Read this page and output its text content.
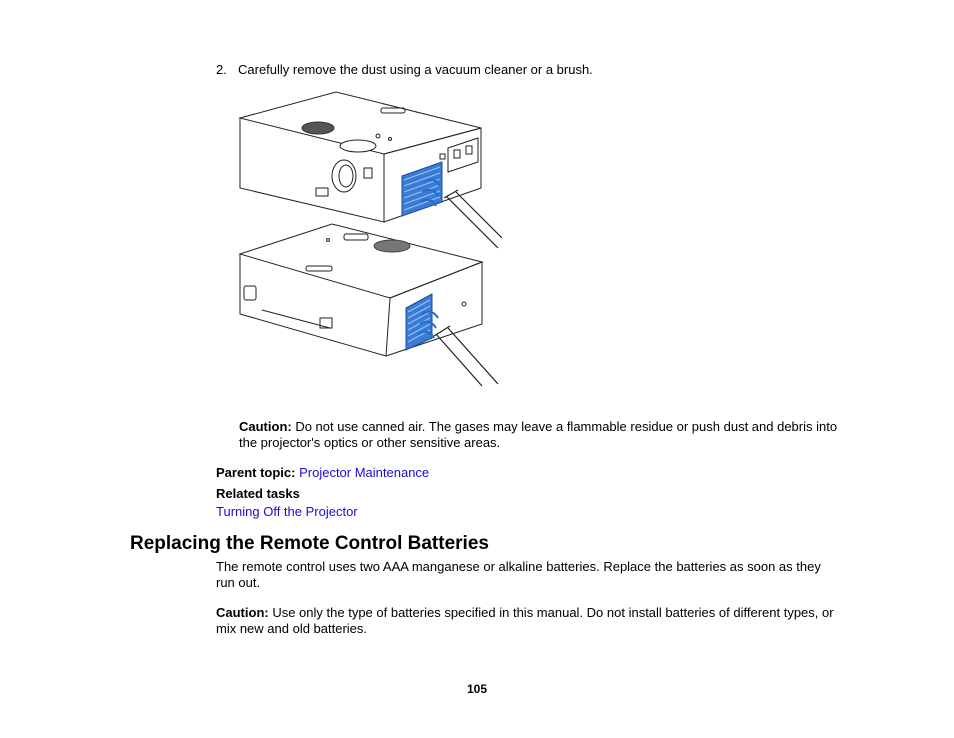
2. Carefully remove the dust using a vacuum cleaner or a brush.
Caution: Do not use canned air. The gases may leave a flammable residue or push dust and debris into the projector's optics or other sensitive areas.
Parent topic: Projector Maintenance
Related tasks
Turning Off the Projector
Replacing the Remote Control Batteries
The remote control uses two AAA manganese or alkaline batteries. Replace the batteries as soon as they run out.
Caution: Use only the type of batteries specified in this manual. Do not install batteries of different types, or mix new and old batteries.
105
